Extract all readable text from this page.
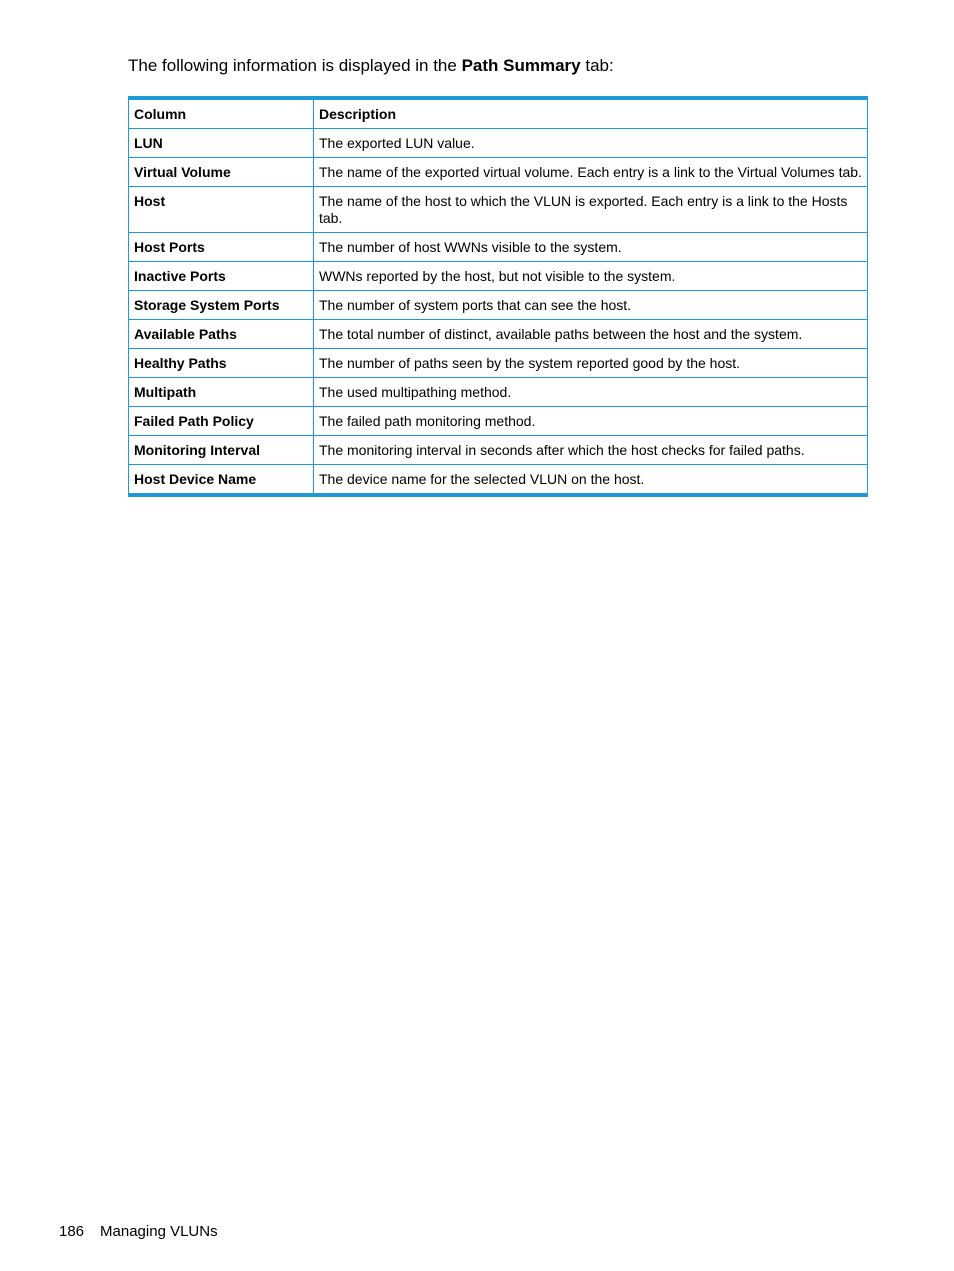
The following information is displayed in the Path Summary tab:
Column	Description
LUN	The exported LUN value.
Virtual Volume	The name of the exported virtual volume. Each entry is a link to the Virtual Volumes tab.
Host	The name of the host to which the VLUN is exported. Each entry is a link to the Hosts tab.
Host Ports	The number of host WWNs visible to the system.
Inactive Ports	WWNs reported by the host, but not visible to the system.
Storage System Ports	The number of system ports that can see the host.
Available Paths	The total number of distinct, available paths between the host and the system.
Healthy Paths	The number of paths seen by the system reported good by the host.
Multipath	The used multipathing method.
Failed Path Policy	The failed path monitoring method.
Monitoring Interval	The monitoring interval in seconds after which the host checks for failed paths.
Host Device Name	The device name for the selected VLUN on the host.
186 Managing VLUNs
